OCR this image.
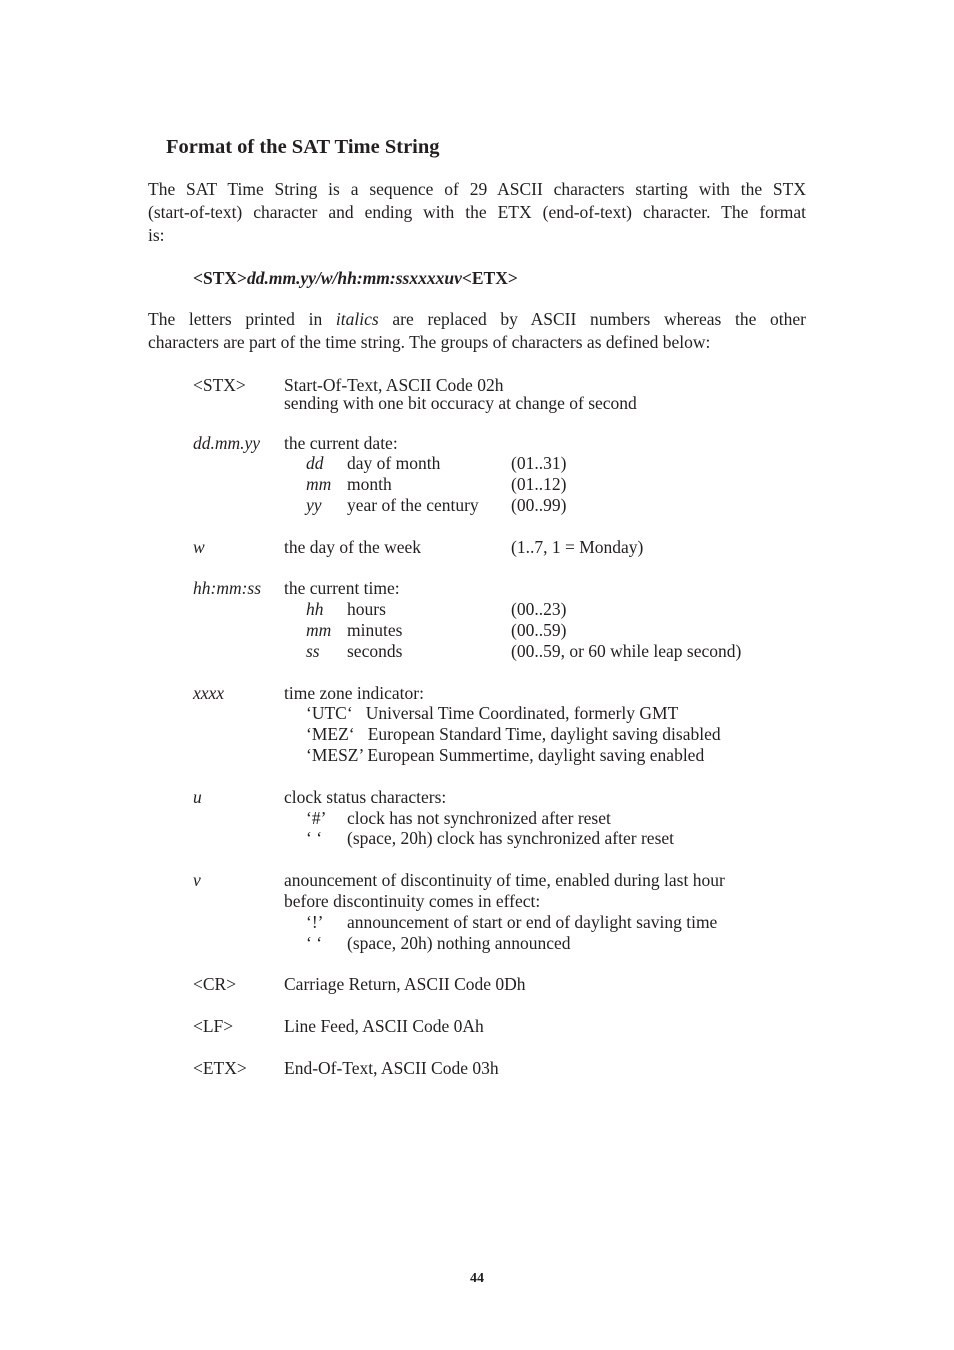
Format of the SAT Time String
The SAT Time String is a sequence of 29 ASCII characters starting with the STX
(start-of-text) character and ending with the ETX (end-of-text) character. The format
is:
<STX>dd.mm.yy/w/hh:mm:ssxxxxuv<ETX>
The letters printed in italics are replaced by ASCII numbers whereas the other
characters are part of the time string. The groups of characters as defined below:
<STX> Start-Of-Text, ASCII Code 02h
sending with one bit occuracy at change of second
dd.mm.yy the current date:
dd day of month	(01..31)
mm month	(01..12)
yy year of the century (00..99)
w	the day of the week	(1..7, 1 = Monday)
hh:mm:ss the current time:
hh hours	(00..23)
mm minutes	(00..59)
ss seconds	(00..59, or 60 while leap second)
xxxx	time zone indicator:
‘UTC‘   Universal Time Coordinated, formerly GMT
‘MEZ‘   European Standard Time, daylight saving disabled
‘MESZ’ European Summertime, daylight saving enabled
u	clock status characters:
‘#’ clock has not synchronized after reset
‘ ‘ (space, 20h) clock has synchronized after reset
v	anouncement of discontinuity of time, enabled during last hour
before discontinuity comes in effect:
‘!’ announcement of start or end of daylight saving time
‘ ‘ (space, 20h) nothing announced
<CR>	Carriage Return, ASCII Code 0Dh
<LF>	Line Feed, ASCII Code 0Ah
<ETX> End-Of-Text, ASCII Code 03h
44
